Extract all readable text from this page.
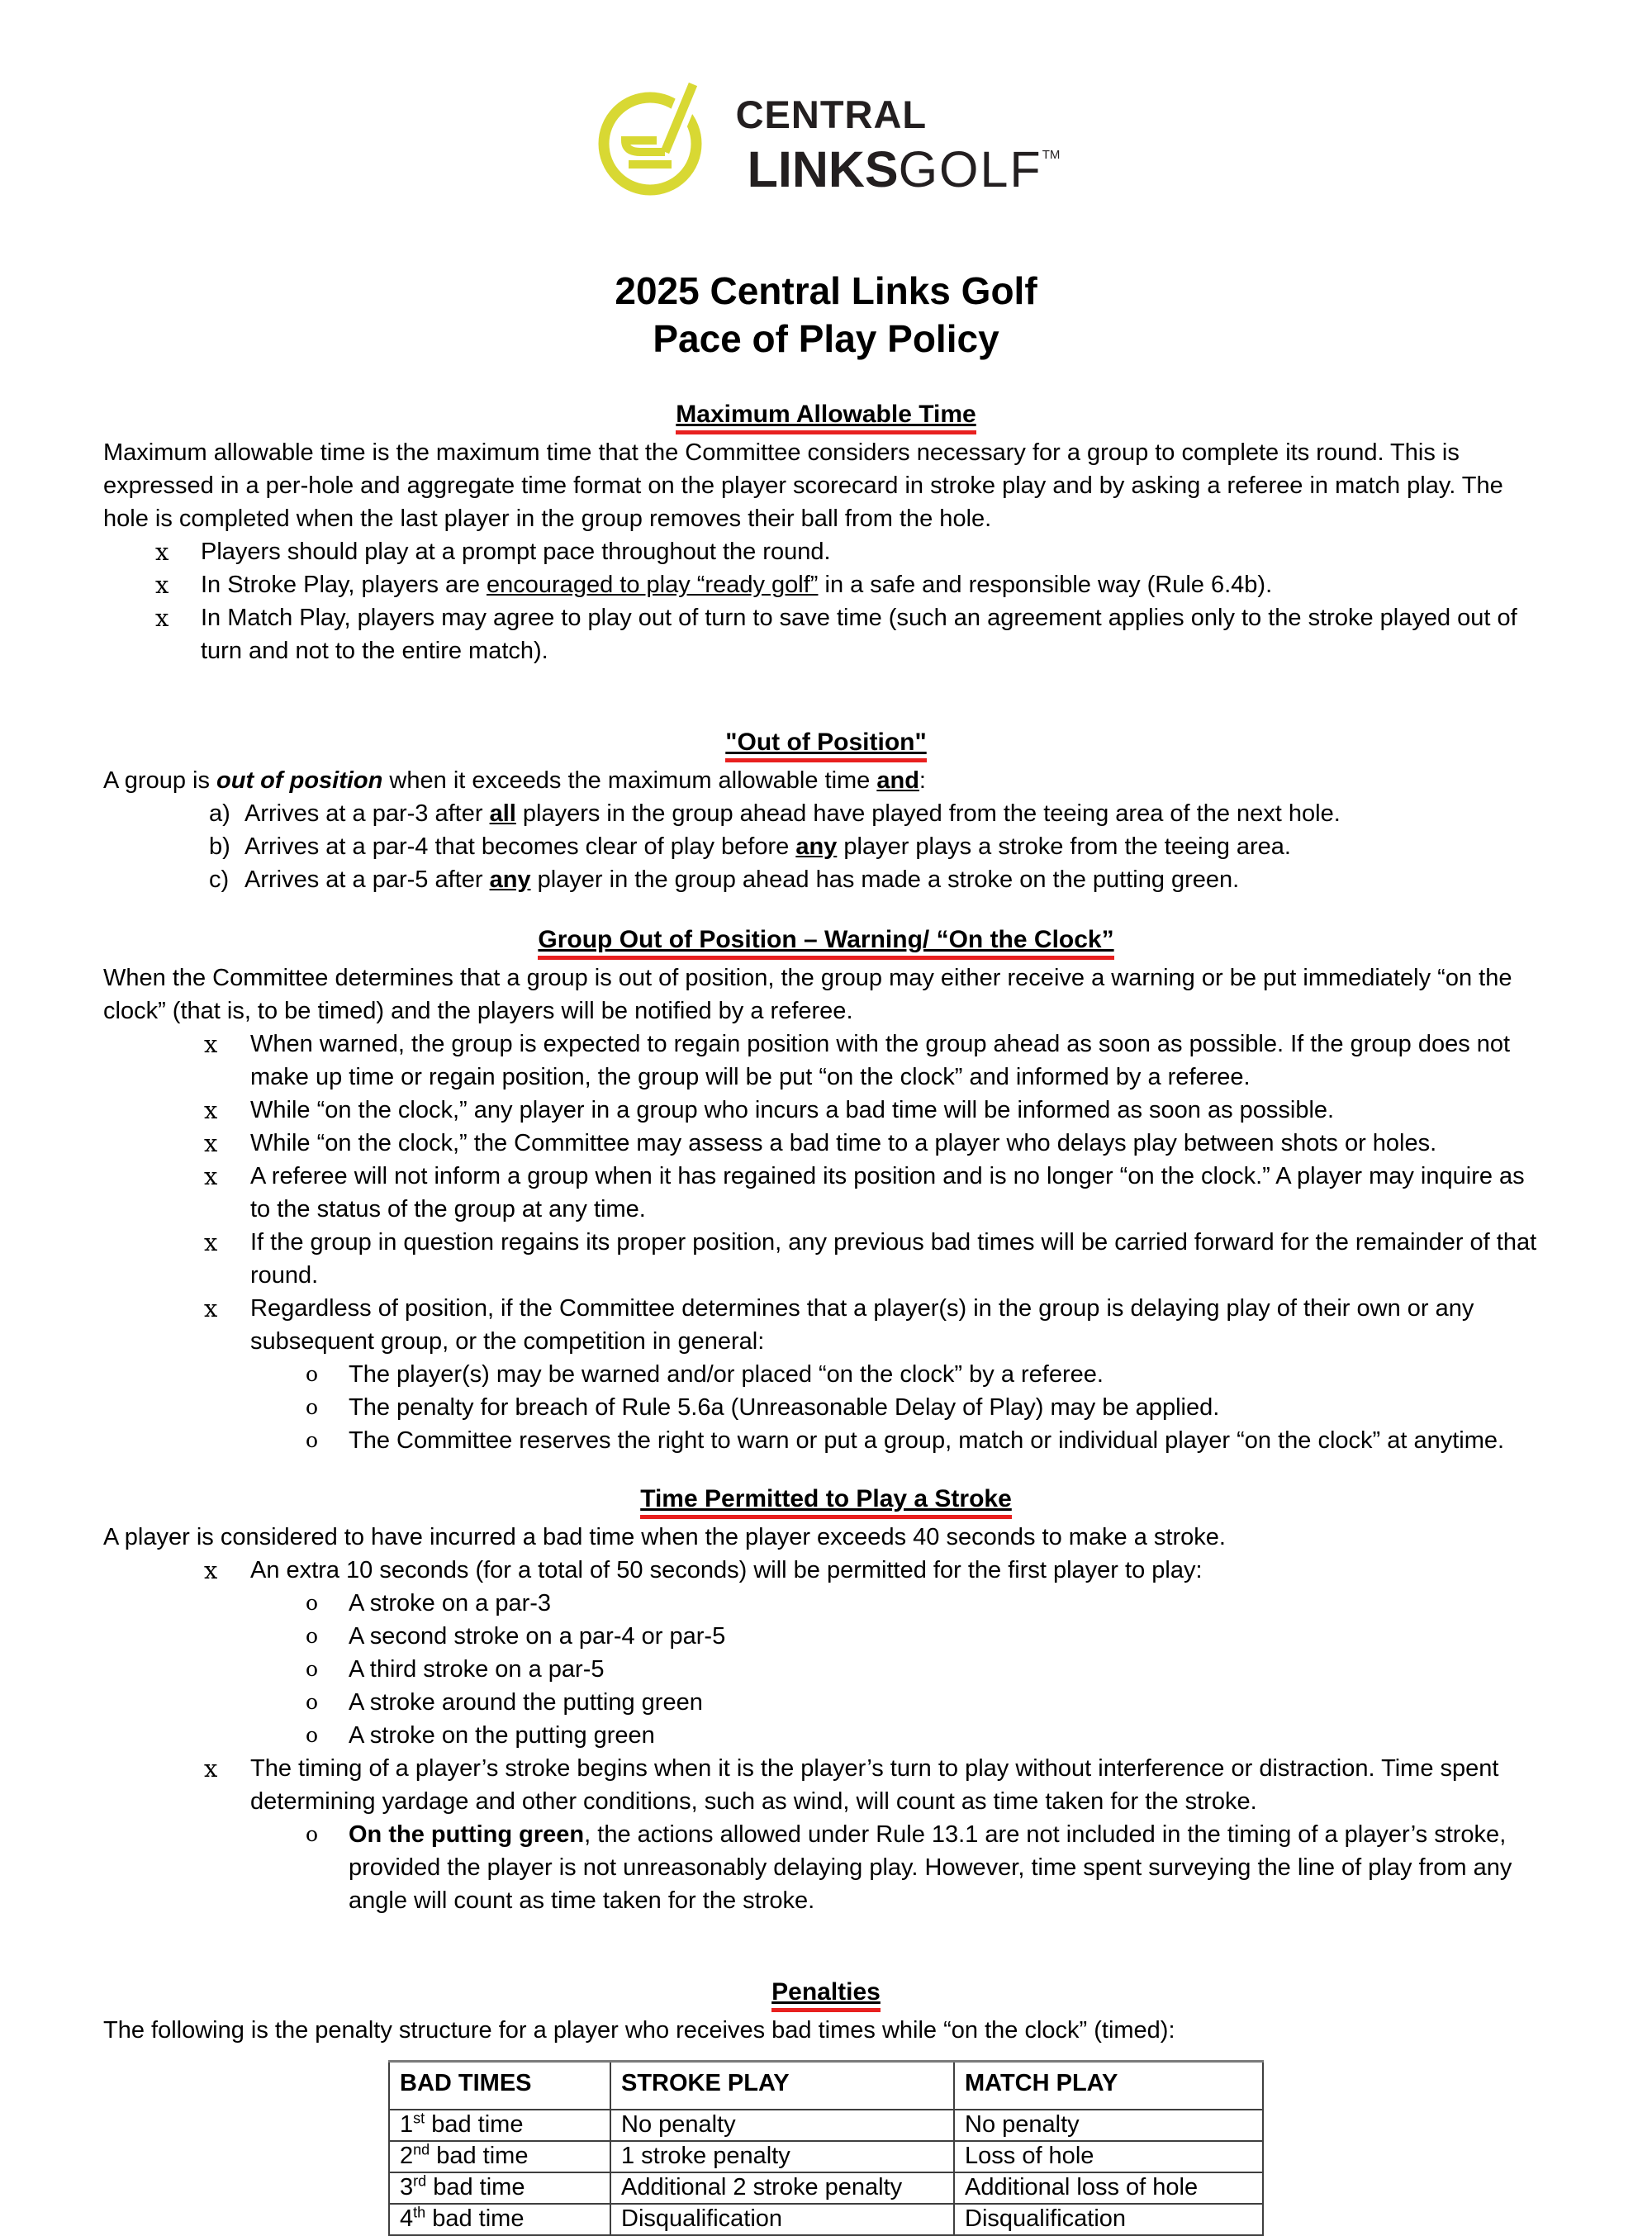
CENTRAL
LINKSGOLF™
2025 Central Links Golf
Pace of Play Policy
Maximum Allowable Time

Maximum allowable time is the maximum time that the Committee considers necessary for a group to complete its round. This is expressed in a per-hole and aggregate time format on the player scorecard in stroke play and by asking a referee in match play. The hole is completed when the last player in the group removes their ball from the hole.

x	Players should play at a prompt pace throughout the round.
x	In Stroke Play, players are encouraged to play “ready golf” in a safe and responsible way (Rule 6.4b).
x	In Match Play, players may agree to play out of turn to save time (such an agreement applies only to the stroke played out of turn and not to the entire match).
"Out of Position"

A group is out of position when it exceeds the maximum allowable time and:

a) Arrives at a par-3 after all players in the group ahead have played from the teeing area of the next hole.
b) Arrives at a par-4 that becomes clear of play before any player plays a stroke from the teeing area.
c) Arrives at a par-5 after any player in the group ahead has made a stroke on the putting green.
Group Out of Position – Warning/ “On the Clock”

When the Committee determines that a group is out of position, the group may either receive a warning or be put immediately “on the clock” (that is, to be timed) and the players will be notified by a referee.

x	When warned, the group is expected to regain position with the group ahead as soon as possible. If the group does not make up time or regain position, the group will be put “on the clock” and informed by a referee.
x	While “on the clock,” any player in a group who incurs a bad time will be informed as soon as possible.
x	While “on the clock,” the Committee may assess a bad time to a player who delays play between shots or holes.
x	A referee will not inform a group when it has regained its position and is no longer “on the clock.” A player may inquire as to the status of the group at any time.
x	If the group in question regains its proper position, any previous bad times will be carried forward for the remainder of that round.
x	Regardless of position, if the Committee determines that a player(s) in the group is delaying play of their own or any subsequent group, or the competition in general:
o	The player(s) may be warned and/or placed “on the clock” by a referee.
o	The penalty for breach of Rule 5.6a (Unreasonable Delay of Play) may be applied.
o	The Committee reserves the right to warn or put a group, match or individual player “on the clock” at anytime.
Time Permitted to Play a Stroke

A player is considered to have incurred a bad time when the player exceeds 40 seconds to make a stroke.

x	An extra 10 seconds (for a total of 50 seconds) will be permitted for the first player to play:
o	A stroke on a par-3
o	A second stroke on a par-4 or par-5
o	A third stroke on a par-5
o	A stroke around the putting green
o	A stroke on the putting green
x	The timing of a player’s stroke begins when it is the player’s turn to play without interference or distraction. Time spent determining yardage and other conditions, such as wind, will count as time taken for the stroke.
o	On the putting green, the actions allowed under Rule 13.1 are not included in the timing of a player’s stroke, provided the player is not unreasonably delaying play. However, time spent surveying the line of play from any angle will count as time taken for the stroke.
Penalties

The following is the penalty structure for a player who receives bad times while “on the clock” (timed):

BAD TIMES	STROKE PLAY	MATCH PLAY
1st bad time	No penalty	No penalty
2nd bad time	1 stroke penalty	Loss of hole
3rd bad time	Additional 2 stroke penalty	Additional loss of hole
4th bad time	Disqualification	Disqualification
